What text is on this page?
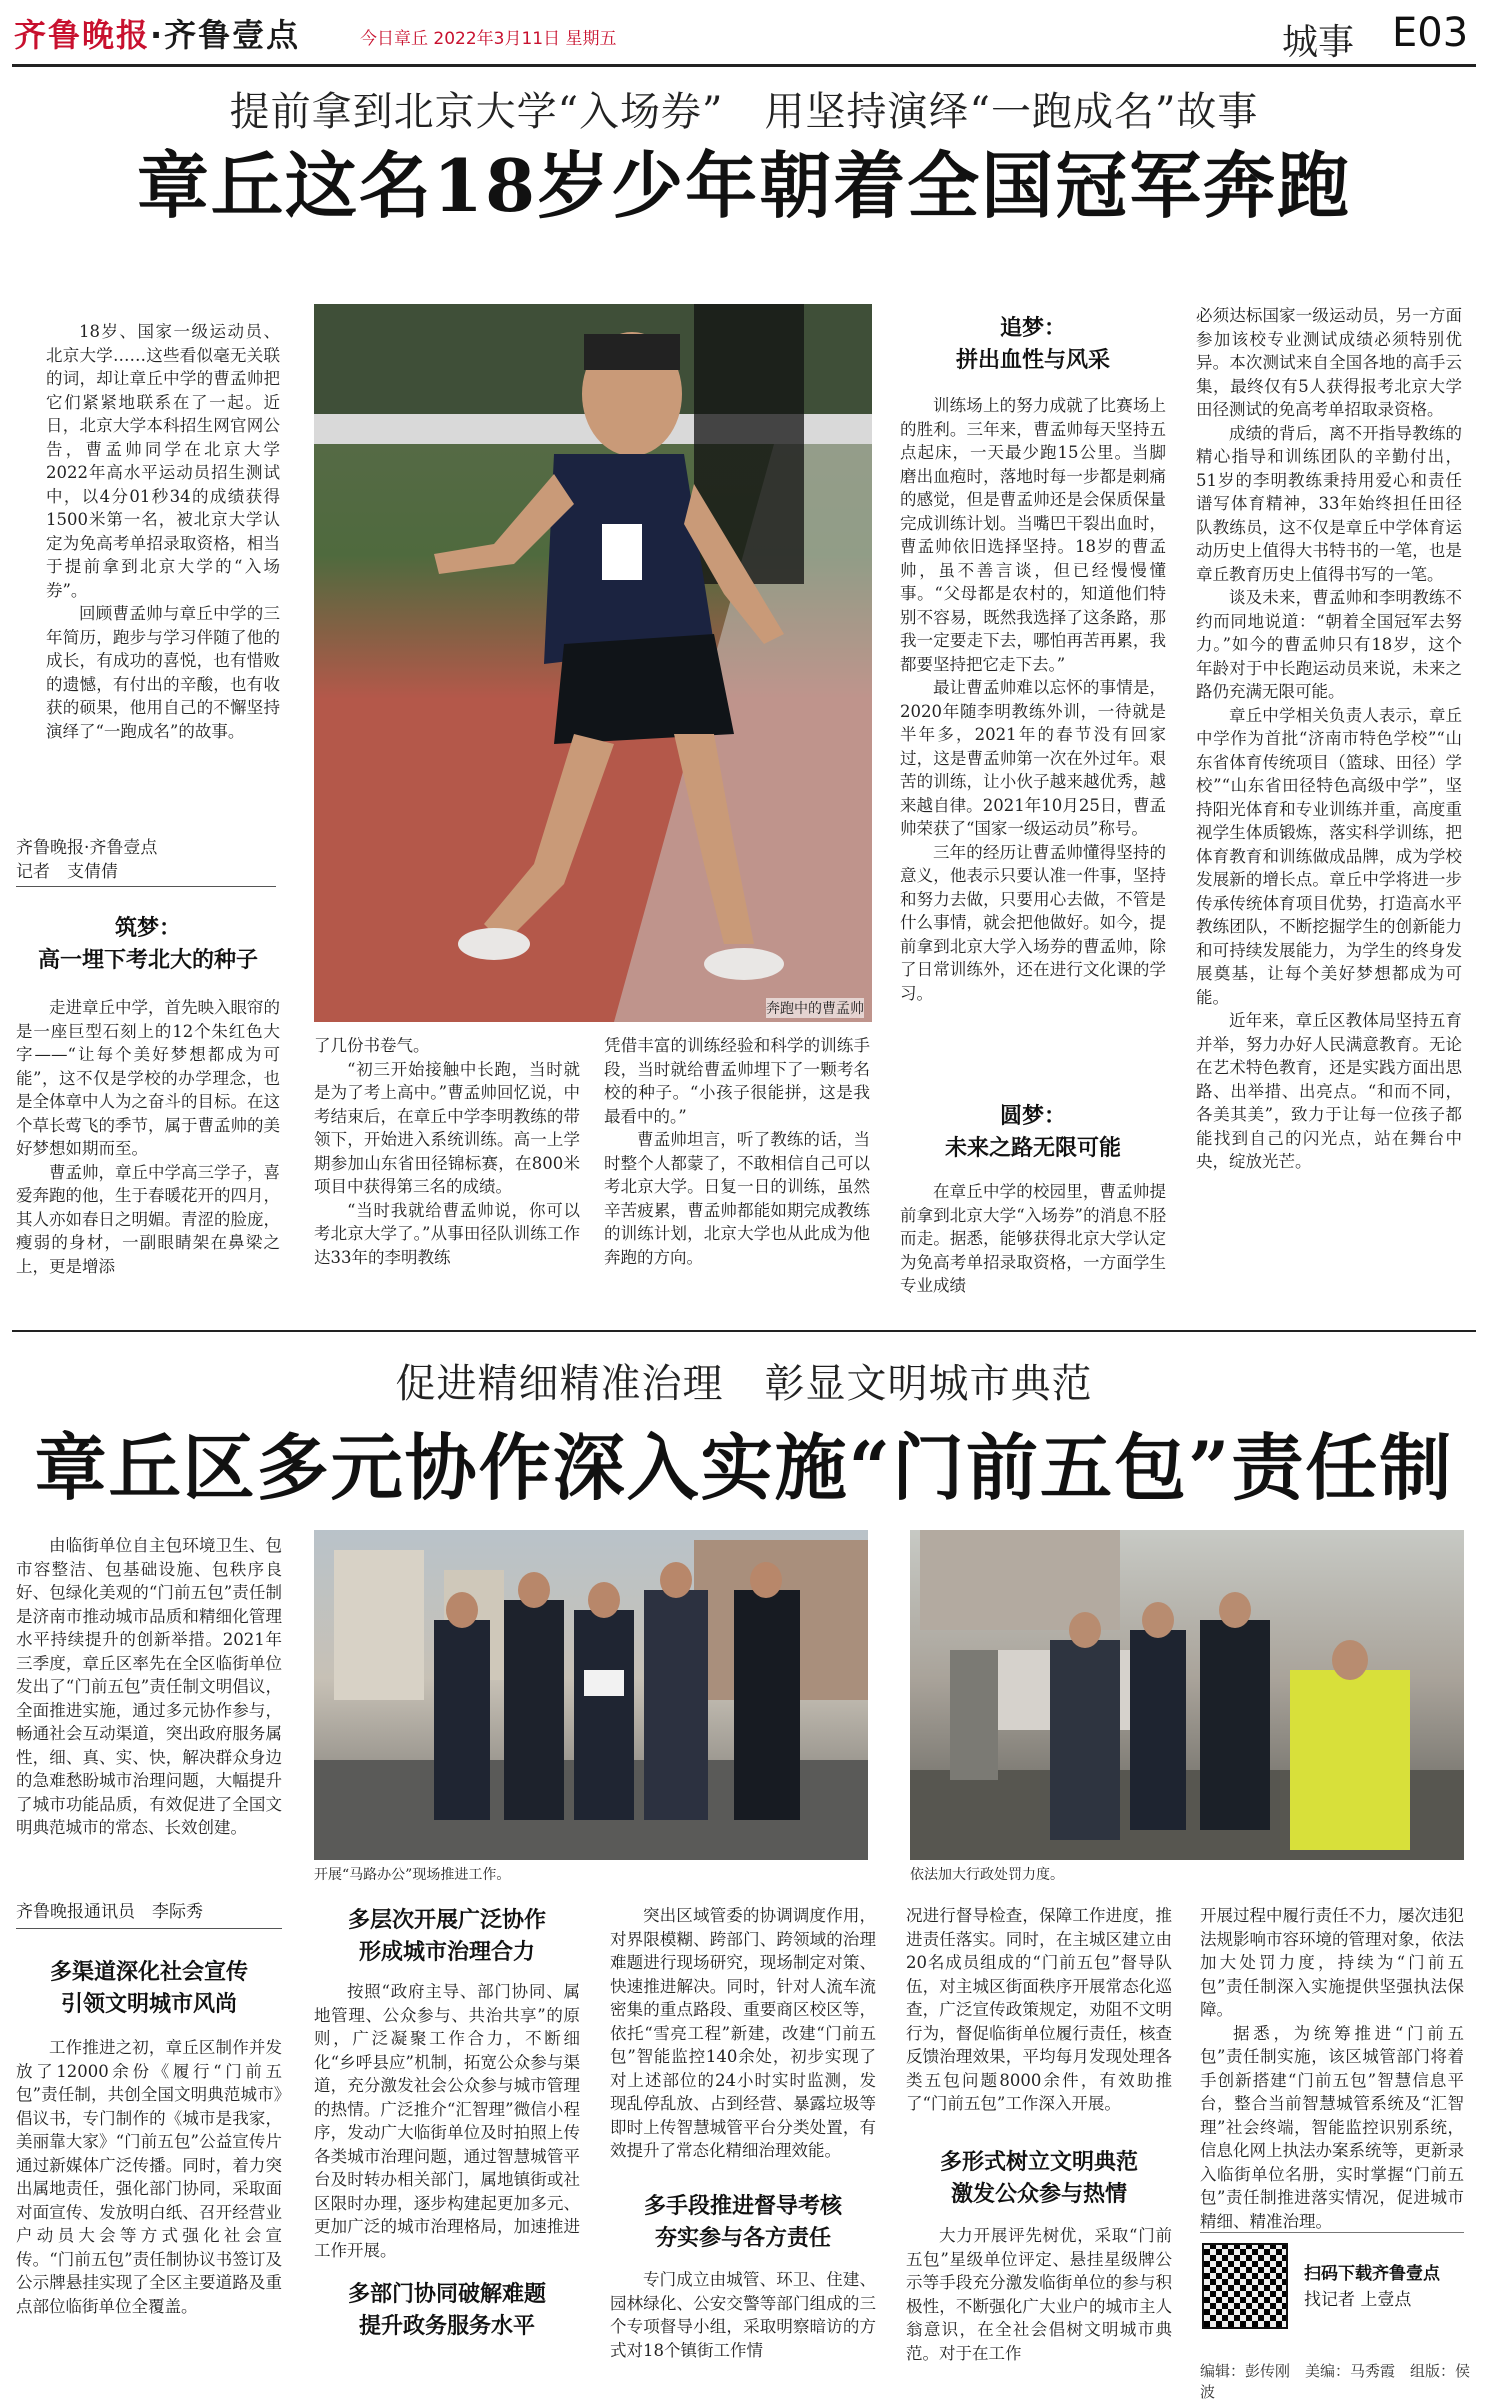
齐鲁晚报·齐鲁壹点	今日章丘 2022年3月11日 星期五	城事 E03
提前拿到北京大学“入场券”　用坚持演绎“一跑成名”故事
章丘这名18岁少年朝着全国冠军奔跑

18岁、国家一级运动员、北京大学……这些看似毫无关联的词，却让章丘中学的曹孟帅把它们紧紧地联系在了一起。近日，北京大学本科招生网官网公告，曹孟帅同学在北京大学2022年高水平运动员招生测试中，以4分01秒34的成绩获得1500米第一名，被北京大学认定为免高考单招录取资格，相当于提前拿到北京大学的“入场券”。

回顾曹孟帅与章丘中学的三年简历，跑步与学习伴随了他的成长，有成功的喜悦，也有惜败的遗憾，有付出的辛酸，也有收获的硕果，他用自己的不懈坚持演绎了“一跑成名”的故事。

齐鲁晚报·齐鲁壹点
记者　支倩倩
筑梦：
高一埋下考北大的种子

走进章丘中学，首先映入眼帘的是一座巨型石刻上的12个朱红色大字——“让每个美好梦想都成为可能”，这不仅是学校的办学理念，也是全体章中人为之奋斗的目标。在这个草长莺飞的季节，属于曹孟帅的美好梦想如期而至。

曹孟帅，章丘中学高三学子，喜爱奔跑的他，生于春暖花开的四月，其人亦如春日之明媚。青涩的脸庞，瘦弱的身材，一副眼睛架在鼻梁之上，更是增添

奔跑中的曹孟帅

了几份书卷气。

“初三开始接触中长跑，当时就是为了考上高中。”曹孟帅回忆说，中考结束后，在章丘中学李明教练的带领下，开始进入系统训练。高一上学期参加山东省田径锦标赛，在800米项目中获得第三名的成绩。

“当时我就给曹孟帅说，你可以考北京大学了。”从事田径队训练工作达33年的李明教练

凭借丰富的训练经验和科学的训练手段，当时就给曹孟帅埋下了一颗考名校的种子。“小孩子很能拼，这是我最看中的。”

曹孟帅坦言，听了教练的话，当时整个人都蒙了，不敢相信自己可以考北京大学。日复一日的训练，虽然辛苦疲累，曹孟帅都能如期完成教练的训练计划，北京大学也从此成为他奔跑的方向。

追梦：
拼出血性与风采

训练场上的努力成就了比赛场上的胜利。三年来，曹孟帅每天坚持五点起床，一天最少跑15公里。当脚磨出血疱时，落地时每一步都是刺痛的感觉，但是曹孟帅还是会保质保量完成训练计划。当嘴巴干裂出血时，曹孟帅依旧选择坚持。18岁的曹孟帅，虽不善言谈，但已经慢慢懂事。“父母都是农村的，知道他们特别不容易，既然我选择了这条路，那我一定要走下去，哪怕再苦再累，我都要坚持把它走下去。”

最让曹孟帅难以忘怀的事情是，2020年随李明教练外训，一待就是半年多，2021年的春节没有回家过，这是曹孟帅第一次在外过年。艰苦的训练，让小伙子越来越优秀，越来越自律。2021年10月25日，曹孟帅荣获了“国家一级运动员”称号。

三年的经历让曹孟帅懂得坚持的意义，他表示只要认准一件事，坚持和努力去做，只要用心去做，不管是什么事情，就会把他做好。如今，提前拿到北京大学入场券的曹孟帅，除了日常训练外，还在进行文化课的学习。

圆梦：
未来之路无限可能

在章丘中学的校园里，曹孟帅提前拿到北京大学“入场券”的消息不胫而走。据悉，能够获得北京大学认定为免高考单招录取资格，一方面学生专业成绩

必须达标国家一级运动员，另一方面参加该校专业测试成绩必须特别优异。本次测试来自全国各地的高手云集，最终仅有5人获得报考北京大学田径测试的免高考单招取录资格。

成绩的背后，离不开指导教练的精心指导和训练团队的辛勤付出，51岁的李明教练秉持用爱心和责任谱写体育精神，33年始终担任田径队教练员，这不仅是章丘中学体育运动历史上值得大书特书的一笔，也是章丘教育历史上值得书写的一笔。

谈及未来，曹孟帅和李明教练不约而同地说道：“朝着全国冠军去努力。”如今的曹孟帅只有18岁，这个年龄对于中长跑运动员来说，未来之路仍充满无限可能。

章丘中学相关负责人表示，章丘中学作为首批“济南市特色学校”“山东省体育传统项目（篮球、田径）学校”“山东省田径特色高级中学”，坚持阳光体育和专业训练并重，高度重视学生体质锻炼，落实科学训练，把体育教育和训练做成品牌，成为学校发展新的增长点。章丘中学将进一步传承传统体育项目优势，打造高水平教练团队，不断挖掘学生的创新能力和可持续发展能力，为学生的终身发展奠基，让每个美好梦想都成为可能。

近年来，章丘区教体局坚持五育并举，努力办好人民满意教育。无论在艺术特色教育，还是实践方面出思路、出举措、出亮点。“和而不同，各美其美”，致力于让每一位孩子都能找到自己的闪光点，站在舞台中央，绽放光芒。

促进精细精准治理　彰显文明城市典范
章丘区多元协作深入实施“门前五包”责任制

由临街单位自主包环境卫生、包市容整洁、包基础设施、包秩序良好、包绿化美观的“门前五包”责任制是济南市推动城市品质和精细化管理水平持续提升的创新举措。2021年三季度，章丘区率先在全区临街单位发出了“门前五包”责任制文明倡议，全面推进实施，通过多元协作参与，畅通社会互动渠道，突出政府服务属性，细、真、实、快，解决群众身边的急难愁盼城市治理问题，大幅提升了城市功能品质，有效促进了全国文明典范城市的常态、长效创建。

开展“马路办公”现场推进工作。	依法加大行政处罚力度。
齐鲁晚报通讯员　李际秀
多渠道深化社会宣传
引领文明城市风尚

工作推进之初，章丘区制作并发放了12000余份《履行“门前五包”责任制，共创全国文明典范城市》倡议书，专门制作的《城市是我家，美丽靠大家》“门前五包”公益宣传片通过新媒体广泛传播。同时，着力突出属地责任，强化部门协同，采取面对面宣传、发放明白纸、召开经营业户动员大会等方式强化社会宣传。“门前五包”责任制协议书签订及公示牌悬挂实现了全区主要道路及重点部位临街单位全覆盖。

多层次开展广泛协作
形成城市治理合力

按照“政府主导、部门协同、属地管理、公众参与、共治共享”的原则，广泛凝聚工作合力，不断细化“乡呼县应”机制，拓宽公众参与渠道，充分激发社会公众参与城市管理的热情。广泛推介“汇智理”微信小程序，发动广大临街单位及时拍照上传各类城市治理问题，通过智慧城管平台及时转办相关部门，属地镇街或社区限时办理，逐步构建起更加多元、更加广泛的城市治理格局，加速推进工作开展。

多部门协同破解难题
提升政务服务水平

突出区域管委的协调调度作用，对界限模糊、跨部门、跨领域的治理难题进行现场研究，现场制定对策、快速推进解决。同时，针对人流车流密集的重点路段、重要商区校区等，依托“雪亮工程”新建，改建“门前五包”智能监控140余处，初步实现了对上述部位的24小时实时监测，发现乱停乱放、占到经营、暴露垃圾等即时上传智慧城管平台分类处置，有效提升了常态化精细治理效能。

多手段推进督导考核
夯实参与各方责任

专门成立由城管、环卫、住建、园林绿化、公安交警等部门组成的三个专项督导小组，采取明察暗访的方式对18个镇街工作情

况进行督导检查，保障工作进度，推进责任落实。同时，在主城区建立由20名成员组成的“门前五包”督导队伍，对主城区街面秩序开展常态化巡查，广泛宣传政策规定，劝阻不文明行为，督促临街单位履行责任，核查反馈治理效果，平均每月发现处理各类五包问题8000余件，有效助推了“门前五包”工作深入开展。

多形式树立文明典范
激发公众参与热情

大力开展评先树优，采取“门前五包”星级单位评定、悬挂星级牌公示等手段充分激发临街单位的参与积极性，不断强化广大业户的城市主人翁意识，在全社会倡树文明城市典范。对于在工作

开展过程中履行责任不力，屡次违犯法规影响市容环境的管理对象，依法加大处罚力度，持续为“门前五包”责任制深入实施提供坚强执法保障。

据悉，为统筹推进“门前五包”责任制实施，该区城管部门将着手创新搭建“门前五包”智慧信息平台，整合当前智慧城管系统及“汇智理”社会终端，智能监控识别系统，信息化网上执法办案系统等，更新录入临街单位名册，实时掌握“门前五包”责任制推进落实情况，促进城市精细、精准治理。

扫码下载齐鲁壹点
找记者 上壹点
编辑：彭传刚　美编：马秀霞　组版：侯波
